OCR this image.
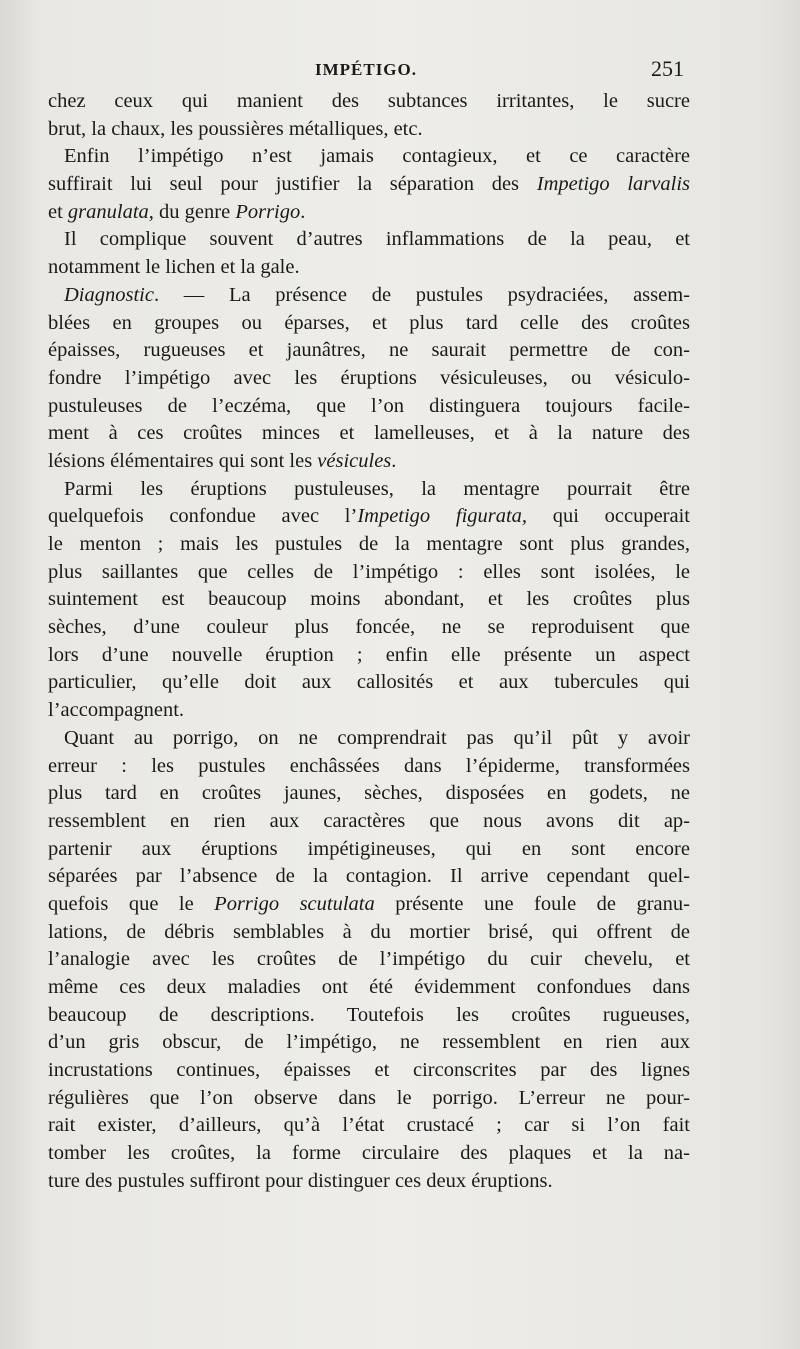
IMPÉTIGO.	251
chez ceux qui manient des subtances irritantes, le sucre
brut, la chaux, les poussières métalliques, etc.
Enfin l’impétigo n’est jamais contagieux, et ce caractère
suffirait lui seul pour justifier la séparation des Impetigo larvalis
et granulata, du genre Porrigo.
Il complique souvent d’autres inflammations de la peau, et
notamment le lichen et la gale.
Diagnostic. — La présence de pustules psydraciées, assem-
blées en groupes ou éparses, et plus tard celle des croûtes
épaisses, rugueuses et jaunâtres, ne saurait permettre de con-
fondre l’impétigo avec les éruptions vésiculeuses, ou vésiculo-
pustuleuses de l’eczéma, que l’on distinguera toujours facile-
ment à ces croûtes minces et lamelleuses, et à la nature des
lésions élémentaires qui sont les vésicules.
Parmi les éruptions pustuleuses, la mentagre pourrait être
quelquefois confondue avec l’Impetigo figurata, qui occuperait
le menton ; mais les pustules de la mentagre sont plus grandes,
plus saillantes que celles de l’impétigo : elles sont isolées, le
suintement est beaucoup moins abondant, et les croûtes plus
sèches, d’une couleur plus foncée, ne se reproduisent que
lors d’une nouvelle éruption ; enfin elle présente un aspect
particulier, qu’elle doit aux callosités et aux tubercules qui
l’accompagnent.
Quant au porrigo, on ne comprendrait pas qu’il pût y avoir
erreur : les pustules enchâssées dans l’épiderme, transformées
plus tard en croûtes jaunes, sèches, disposées en godets, ne
ressemblent en rien aux caractères que nous avons dit ap-
partenir aux éruptions impétigineuses, qui en sont encore
séparées par l’absence de la contagion. Il arrive cependant quel-
quefois que le Porrigo scutulata présente une foule de granu-
lations, de débris semblables à du mortier brisé, qui offrent de
l’analogie avec les croûtes de l’impétigo du cuir chevelu, et
même ces deux maladies ont été évidemment confondues dans
beaucoup de descriptions. Toutefois les croûtes rugueuses,
d’un gris obscur, de l’impétigo, ne ressemblent en rien aux
incrustations continues, épaisses et circonscrites par des lignes
régulières que l’on observe dans le porrigo. L’erreur ne pour-
rait exister, d’ailleurs, qu’à l’état crustacé ; car si l’on fait
tomber les croûtes, la forme circulaire des plaques et la na-
ture des pustules suffiront pour distinguer ces deux éruptions.
